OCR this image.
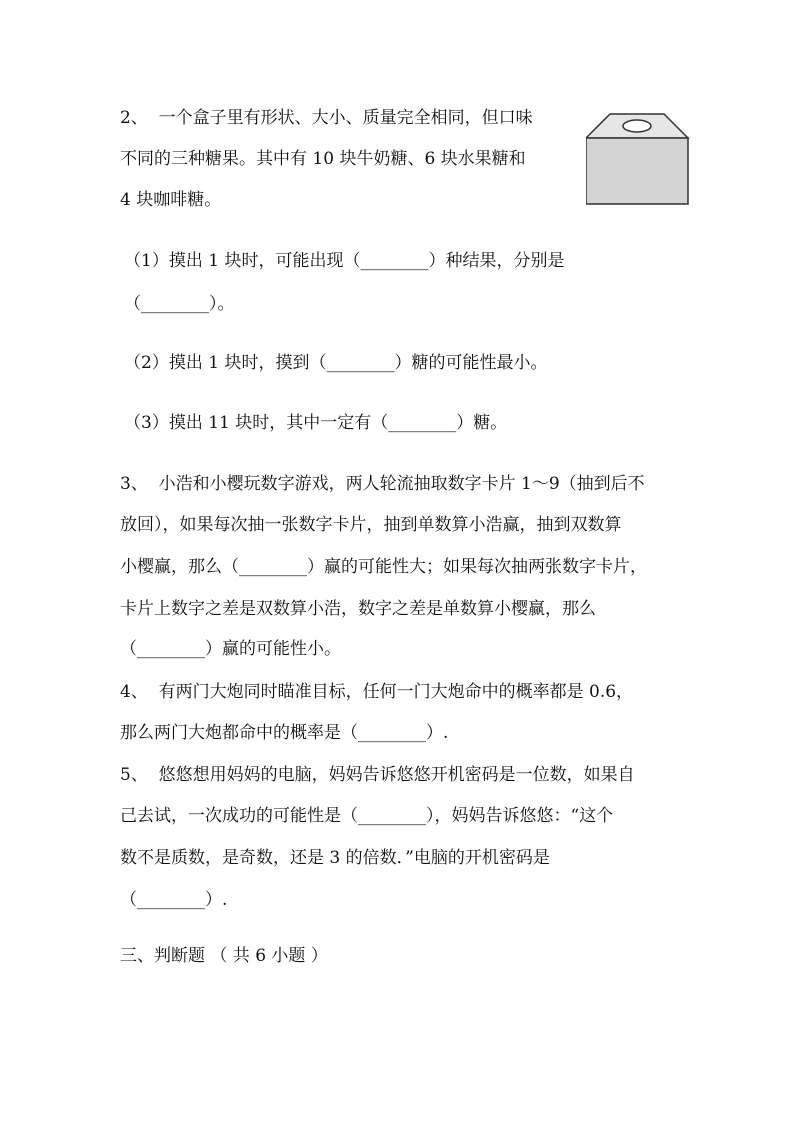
2、  一个盒子里有形状、大小、质量完全相同，但口味

不同的三种糖果。其中有 10 块牛奶糖、6 块水果糖和

4 块咖啡糖。

（1）摸出 1 块时，可能出现（________）种结果，分别是

（________）。

（2）摸出 1 块时，摸到（________）糖的可能性最小。

（3）摸出 11 块时，其中一定有（________）糖。

3、  小浩和小樱玩数字游戏，两人轮流抽取数字卡片 1～9（抽到后不

放回），如果每次抽一张数字卡片，抽到单数算小浩赢，抽到双数算

小樱赢，那么（________）赢的可能性大；如果每次抽两张数字卡片，

卡片上数字之差是双数算小浩，数字之差是单数算小樱赢，那么

（________）赢的可能性小。

4、  有两门大炮同时瞄准目标，任何一门大炮命中的概率都是 0.6，

那么两门大炮都命中的概率是（________）.

5、  悠悠想用妈妈的电脑，妈妈告诉悠悠开机密码是一位数，如果自

己去试，一次成功的可能性是（________），妈妈告诉悠悠：“这个

数不是质数，是奇数，还是 3 的倍数．”电脑的开机密码是

（________）.

三、判断题 （ 共 6 小题 ）
